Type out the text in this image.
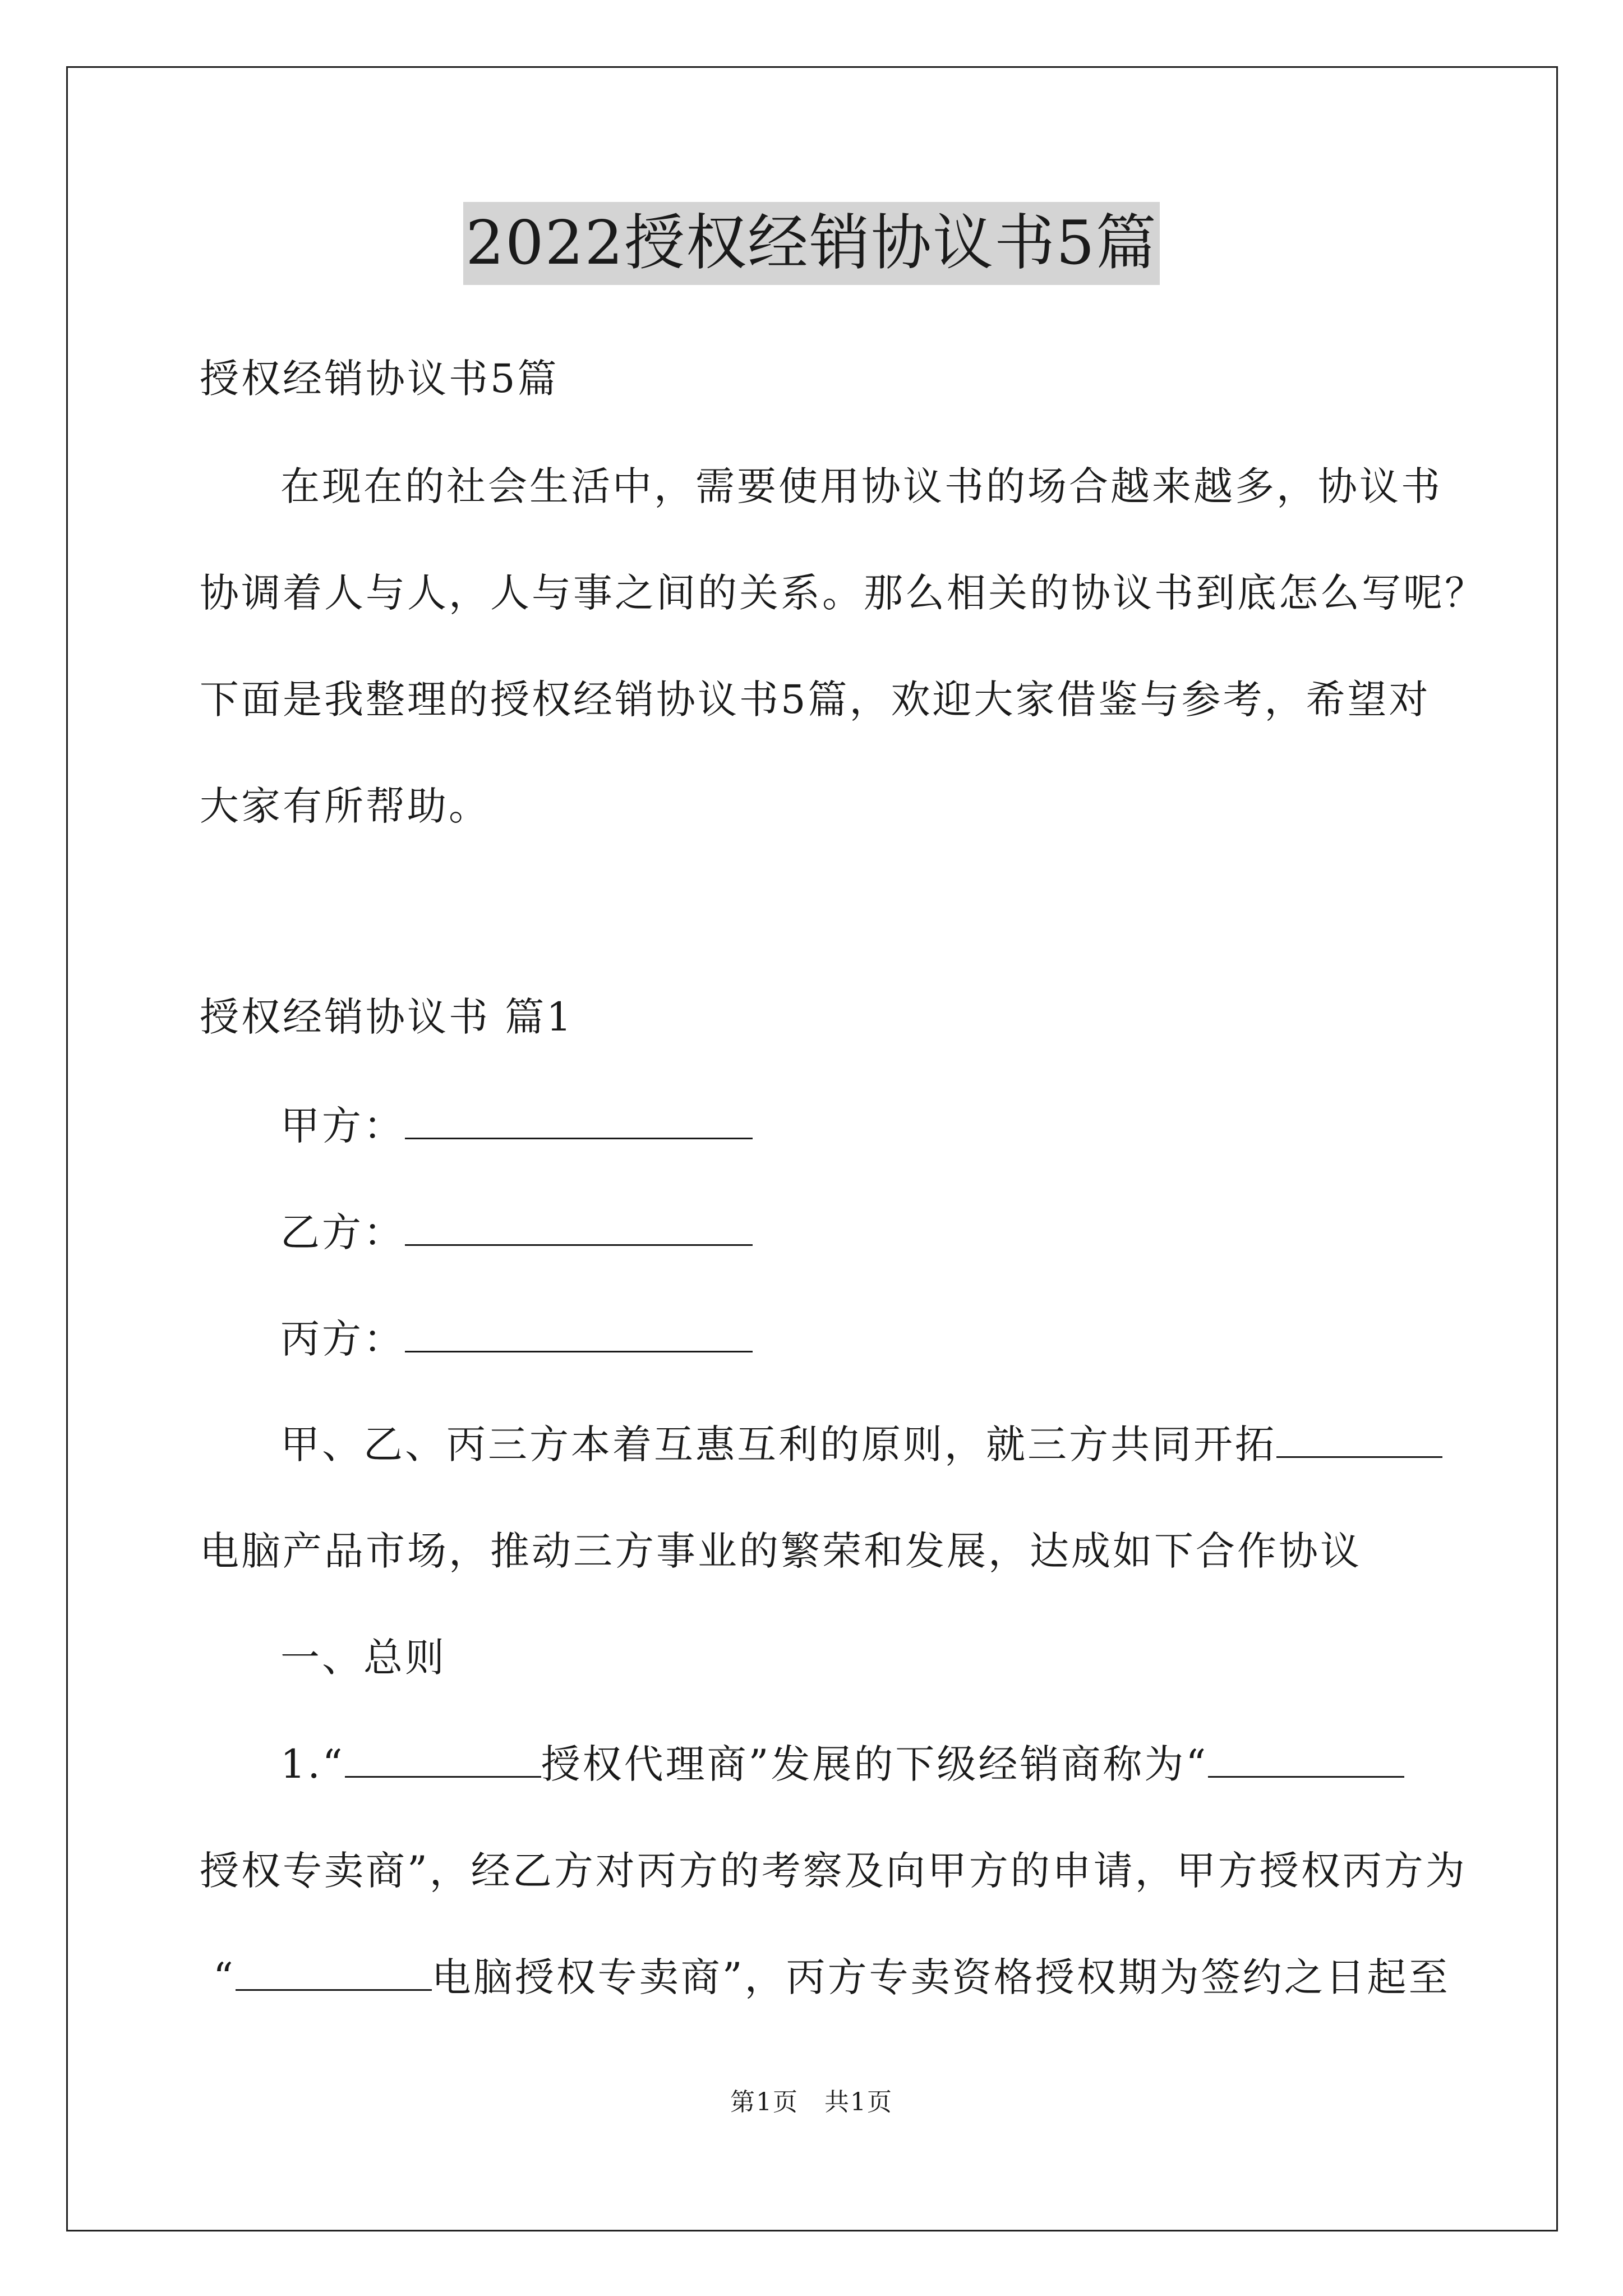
2022授权经销协议书5篇
授权经销协议书5篇
在现在的社会生活中，需要使用协议书的场合越来越多，协议书
协调着人与人，人与事之间的关系。那么相关的协议书到底怎么写呢？
下面是我整理的授权经销协议书5篇，欢迎大家借鉴与参考，希望对
大家有所帮助。
授权经销协议书 篇1
甲方：
乙方：
丙方：
甲、乙、丙三方本着互惠互利的原则，就三方共同开拓
电脑产品市场，推动三方事业的繁荣和发展，达成如下合作协议
一、总则
1.“	授权代理商”发展的下级经销商称为“
授权专卖商”，经乙方对丙方的考察及向甲方的申请，甲方授权丙方为
“	电脑授权专卖商”，丙方专卖资格授权期为签约之日起至
第1页　共1页
